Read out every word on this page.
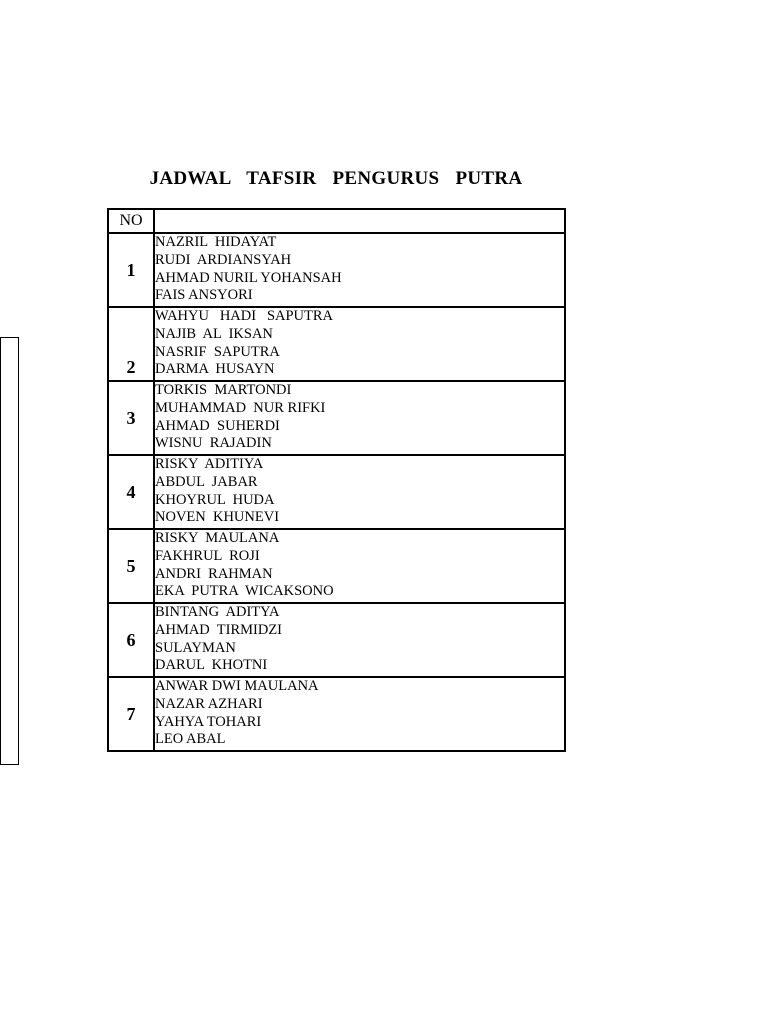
JADWAL  TAFSIR  PENGURUS  PUTRA
NO	
1	NAZRIL  HIDAYAT
RUDI  ARDIANSYAH
AHMAD NURIL YOHANSAH
FAIS ANSYORI

2	WAHYU   HADI   SAPUTRA
NAJIB  AL  IKSAN
NASRIF  SAPUTRA
DARMA  HUSAYN

3	TORKIS  MARTONDI
MUHAMMAD  NUR RIFKI
AHMAD  SUHERDI
WISNU  RAJADIN

4	RISKY  ADITIYA
ABDUL  JABAR
KHOYRUL  HUDA
NOVEN  KHUNEVI

5	RISKY  MAULANA
FAKHRUL  ROJI
ANDRI  RAHMAN
EKA  PUTRA  WICAKSONO

6	BINTANG  ADITYA
AHMAD  TIRMIDZI
SULAYMAN
DARUL  KHOTNI

7	ANWAR DWI MAULANA
NAZAR AZHARI
YAHYA TOHARI
LEO ABAL
